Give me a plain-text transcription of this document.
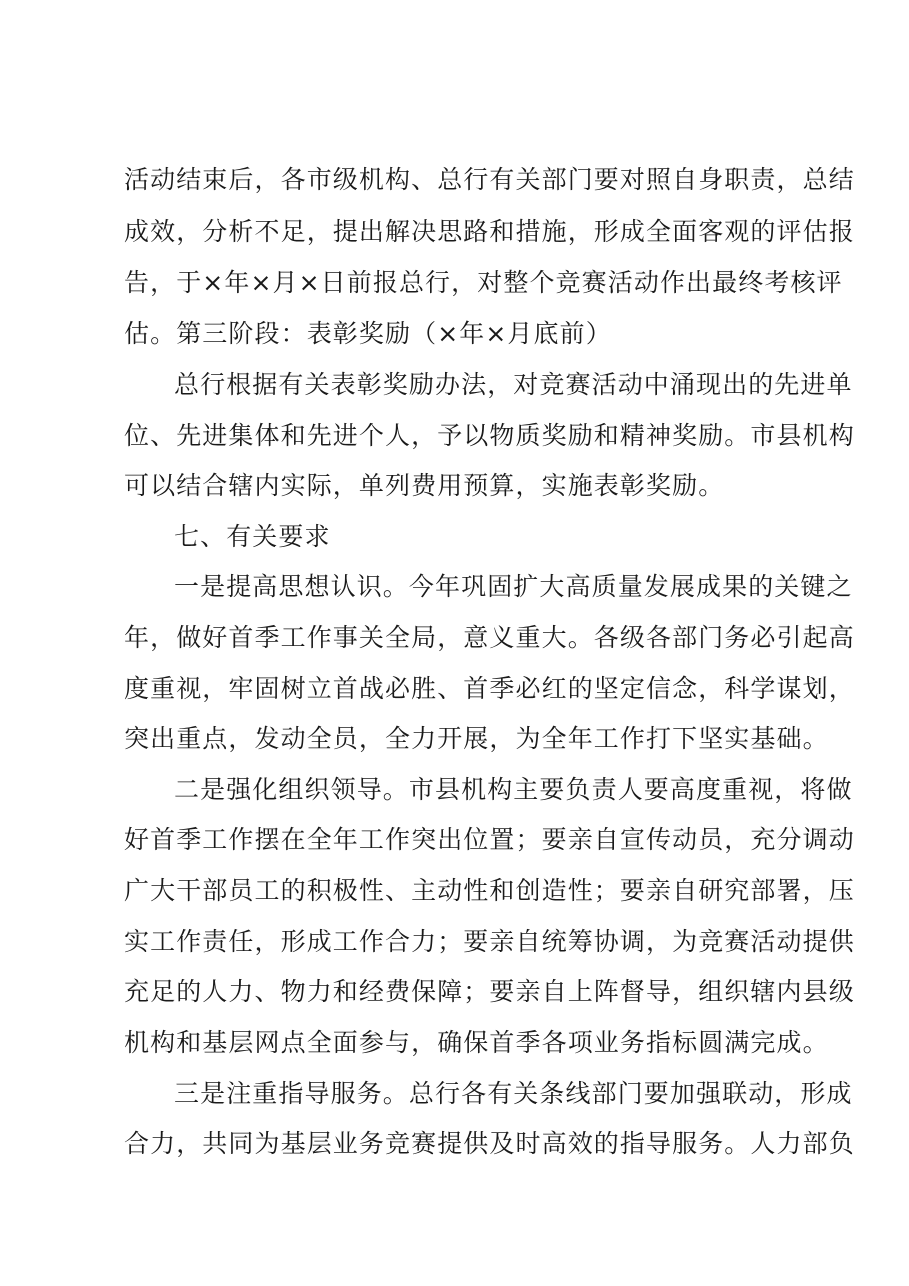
活动结束后，各市级机构、总行有关部门要对照自身职责，总结
成效，分析不足，提出解决思路和措施，形成全面客观的评估报
告，于×年×月×日前报总行，对整个竞赛活动作出最终考核评
估。第三阶段：表彰奖励（×年×月底前）
总行根据有关表彰奖励办法，对竞赛活动中涌现出的先进单
位、先进集体和先进个人，予以物质奖励和精神奖励。市县机构
可以结合辖内实际，单列费用预算，实施表彰奖励。
七、有关要求
一是提高思想认识。今年巩固扩大高质量发展成果的关键之
年，做好首季工作事关全局，意义重大。各级各部门务必引起高
度重视，牢固树立首战必胜、首季必红的坚定信念，科学谋划，
突出重点，发动全员，全力开展，为全年工作打下坚实基础。
二是强化组织领导。市县机构主要负责人要高度重视，将做
好首季工作摆在全年工作突出位置；要亲自宣传动员，充分调动
广大干部员工的积极性、主动性和创造性；要亲自研究部署，压
实工作责任，形成工作合力；要亲自统筹协调，为竞赛活动提供
充足的人力、物力和经费保障；要亲自上阵督导，组织辖内县级
机构和基层网点全面参与，确保首季各项业务指标圆满完成。
三是注重指导服务。总行各有关条线部门要加强联动，形成
合力，共同为基层业务竞赛提供及时高效的指导服务。人力部负
